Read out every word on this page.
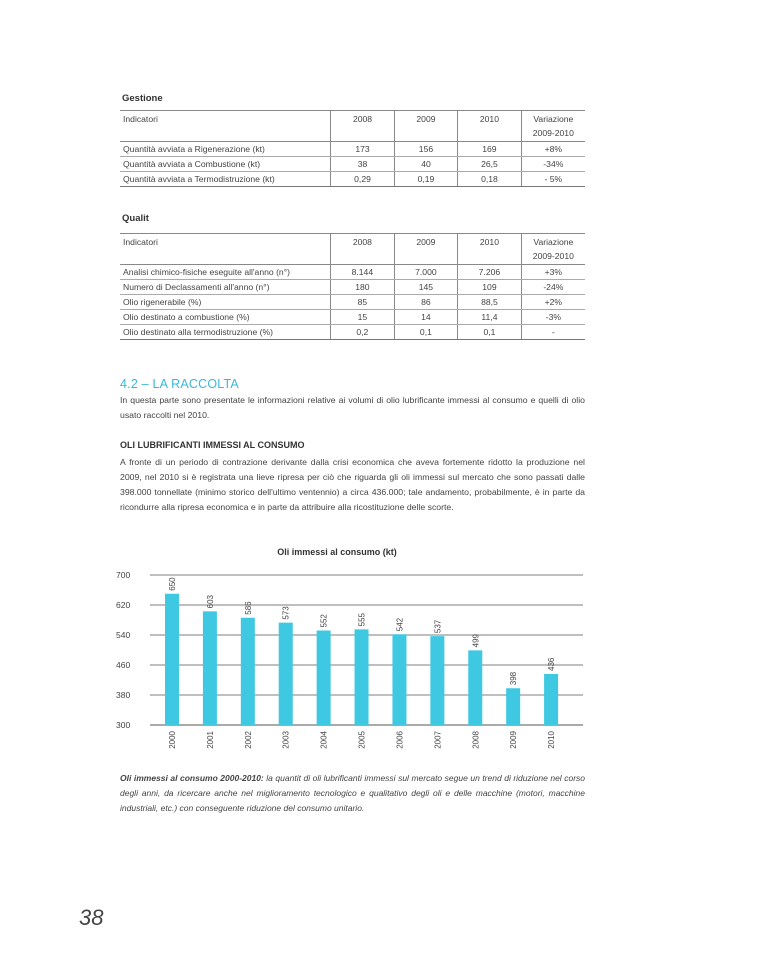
Gestione
Indicatori	2008	2009	2010	Variazione
				2009-2010
Quantità avviata a Rigenerazione (kt)	173	156	169	+8%
Quantità avviata a Combustione (kt)	38	40	26,5	-34%
Quantità avviata a Termodistruzione (kt)	0,29	0,19	0,18	- 5%
Qualit
Indicatori	2008	2009	2010	Variazione
				2009-2010
Analisi chimico-fisiche eseguite all'anno (n°)	8.144	7.000	7.206	+3%
Numero di Declassamenti all'anno (n°)	180	145	109	-24%
Olio rigenerabile (%)	85	86	88,5	+2%
Olio destinato a combustione (%)	15	14	11,4	-3%
Olio destinato alla termodistruzione (%)	0,2	0,1	0,1	-
4.2 – LA RACCOLTA
In questa parte sono presentate le informazioni relative ai volumi di olio lubrificante immessi al consumo e quelli di olio usato raccolti nel 2010.
OLI LUBRIFICANTI IMMESSI AL CONSUMO
A fronte di un periodo di contrazione derivante dalla crisi economica che aveva fortemente ridotto la produzione nel 2009, nel 2010 si è registrata una lieve ripresa per ciò che riguarda gli oli immessi sul mercato che sono passati dalle 398.000 tonnellate (minimo storico dell'ultimo ventennio) a circa 436.000; tale andamento, probabilmente, è in parte da ricondurre alla ripresa economica e in parte da attribuire alla ricostituzione delle scorte.
Oli immessi al consumo (kt)
700
620
540
460
380
300
650
2000
603
2001
586
2002
573
2003
552
2004
555
2005
542
2006
537
2007
499
2008
398
2009
436
2010
Oli immessi al consumo 2000-2010: la quantit di oli lubrificanti immessi sul mercato segue un trend di riduzione nel corso degli anni, da ricercare anche nel miglioramento tecnologico e qualitativo degli oli e delle macchine (motori, macchine industriali, etc.) con conseguente riduzione del consumo unitario.
38
